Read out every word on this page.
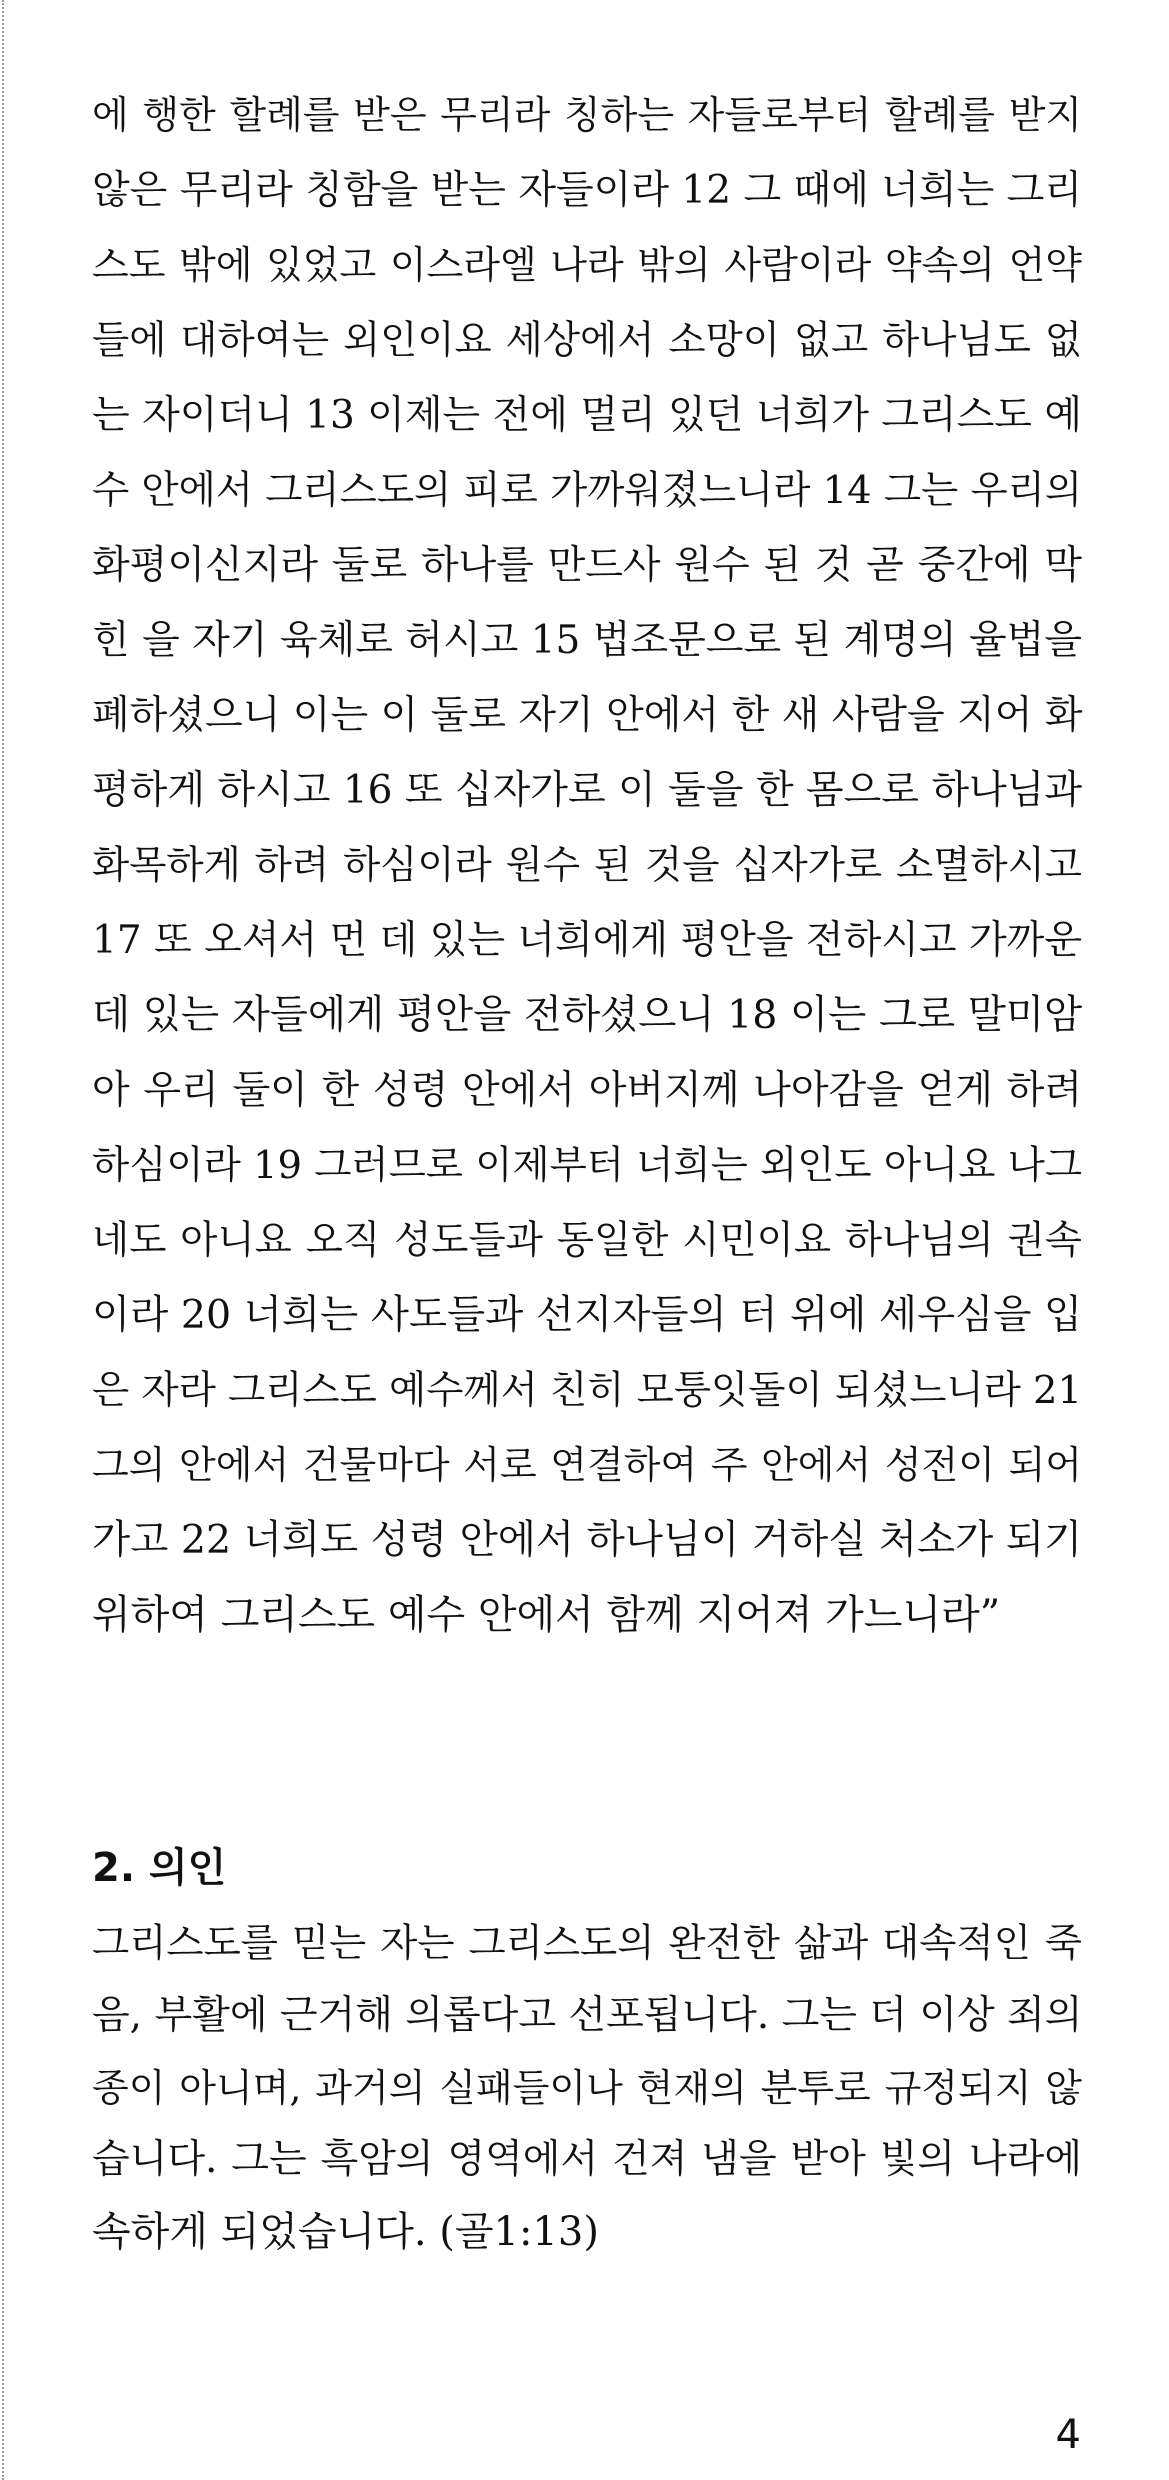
에 행한 할례를 받은 무리라 칭하는 자들로부터 할례를 받지
않은 무리라 칭함을 받는 자들이라 12 그 때에 너희는 그리
스도 밖에 있었고 이스라엘 나라 밖의 사람이라 약속의 언약
들에 대하여는 외인이요 세상에서 소망이 없고 하나님도 없
는 자이더니 13 이제는 전에 멀리 있던 너희가 그리스도 예
수 안에서 그리스도의 피로 가까워졌느니라 14 그는 우리의
화평이신지라 둘로 하나를 만드사 원수 된 것 곧 중간에 막
힌 을 자기 육체로 허시고 15 법조문으로 된 계명의 율법을
폐하셨으니 이는 이 둘로 자기 안에서 한 새 사람을 지어 화
평하게 하시고 16 또 십자가로 이 둘을 한 몸으로 하나님과
화목하게 하려 하심이라 원수 된 것을 십자가로 소멸하시고
17 또 오셔서 먼 데 있는 너희에게 평안을 전하시고 가까운
데 있는 자들에게 평안을 전하셨으니 18 이는 그로 말미암
아 우리 둘이 한 성령 안에서 아버지께 나아감을 얻게 하려
하심이라 19 그러므로 이제부터 너희는 외인도 아니요 나그
네도 아니요 오직 성도들과 동일한 시민이요 하나님의 권속
이라 20 너희는 사도들과 선지자들의 터 위에 세우심을 입
은 자라 그리스도 예수께서 친히 모퉁잇돌이 되셨느니라 21
그의 안에서 건물마다 서로 연결하여 주 안에서 성전이 되어
가고 22 너희도 성령 안에서 하나님이 거하실 처소가 되기
위하여 그리스도 예수 안에서 함께 지어져 가느니라”
2. 의인
그리스도를 믿는 자는 그리스도의 완전한 삶과 대속적인 죽
음, 부활에 근거해 의롭다고 선포됩니다. 그는 더 이상 죄의
종이 아니며, 과거의 실패들이나 현재의 분투로 규정되지 않
습니다. 그는 흑암의 영역에서 건져 냄을 받아 빛의 나라에
속하게 되었습니다. (골1:13)
4
